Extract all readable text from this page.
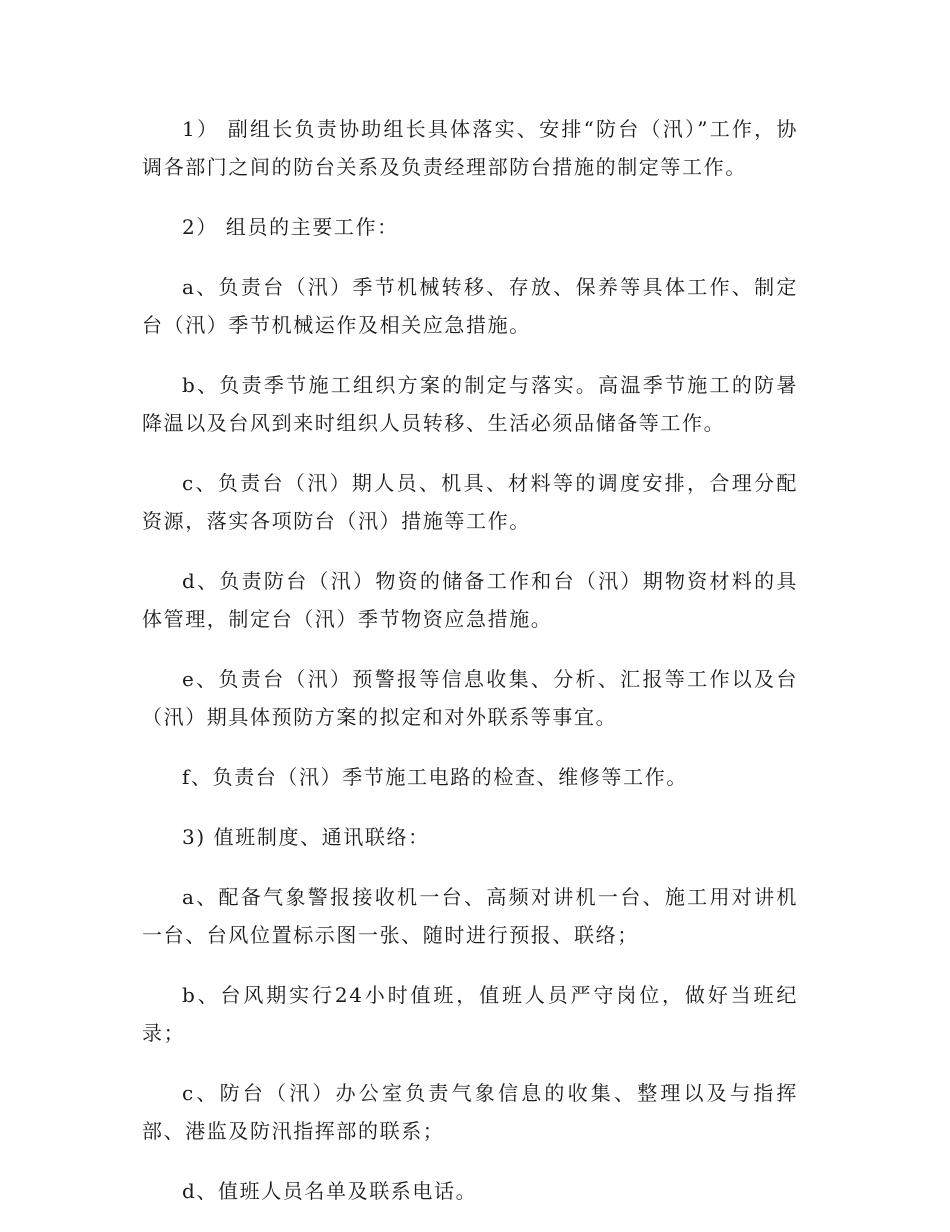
1） 副组长负责协助组长具体落实、安排“防台（汛）”工作，协调各部门之间的防台关系及负责经理部防台措施的制定等工作。

2） 组员的主要工作：

a、负责台（汛）季节机械转移、存放、保养等具体工作、制定台（汛）季节机械运作及相关应急措施。

b、负责季节施工组织方案的制定与落实。高温季节施工的防暑降温以及台风到来时组织人员转移、生活必须品储备等工作。

c、负责台（汛）期人员、机具、材料等的调度安排，合理分配资源，落实各项防台（汛）措施等工作。

d、负责防台（汛）物资的储备工作和台（汛）期物资材料的具体管理，制定台（汛）季节物资应急措施。

e、负责台（汛）预警报等信息收集、分析、汇报等工作以及台（汛）期具体预防方案的拟定和对外联系等事宜。

f、负责台（汛）季节施工电路的检查、维修等工作。

3) 值班制度、通讯联络：

a、配备气象警报接收机一台、高频对讲机一台、施工用对讲机一台、台风位置标示图一张、随时进行预报、联络；

b、台风期实行24小时值班，值班人员严守岗位，做好当班纪录；

c、防台（汛）办公室负责气象信息的收集、整理以及与指挥部、港监及防汛指挥部的联系；

d、值班人员名单及联系电话。
